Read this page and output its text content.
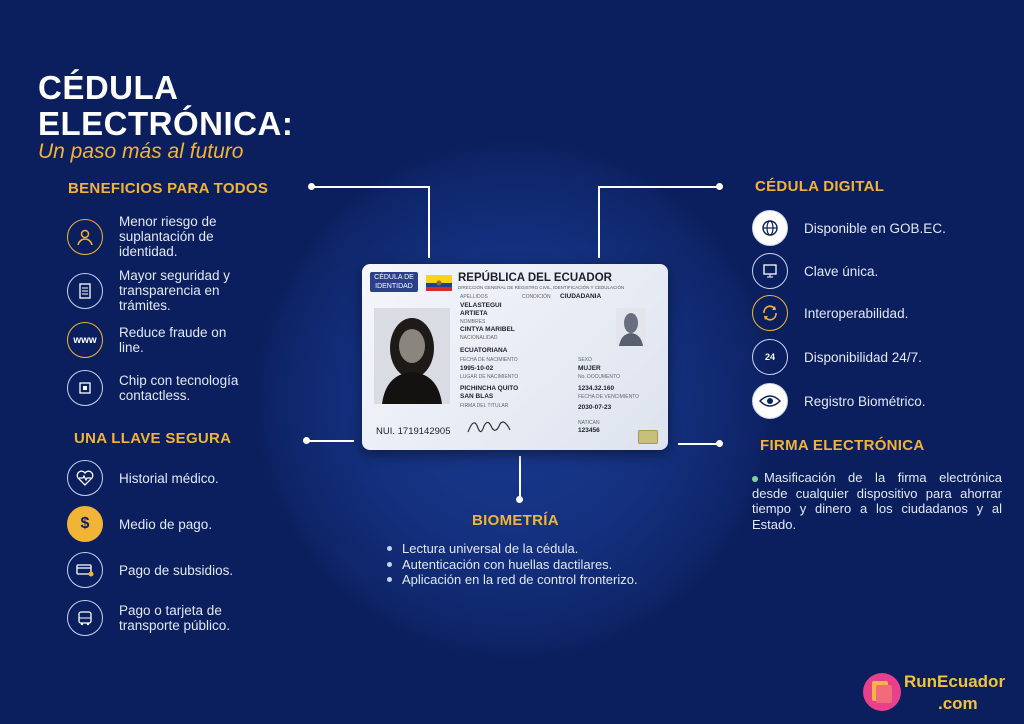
CÉDULA
ELECTRÓNICA:
Un paso más al futuro
BENEFICIOS PARA TODOS
Menor riesgo de suplantación de identidad.
Mayor seguridad y transparencia en trámites.
www	Reduce fraude on line.
Chip con tecnología contactless.
UNA LLAVE SEGURA
Historial médico.
$	Medio de pago.
Pago de subsidios.
Pago o tarjeta de transporte público.
CÉDULA DIGITAL
Disponible en GOB.EC.
Clave única.
Interoperabilidad.
24	Disponibilidad 24/7.
Registro Biométrico.
FIRMA ELECTRÓNICA
Masificación de la firma electrónica desde cualquier dispositivo para ahorrar tiempo y dinero a los ciudadanos y al Estado.
BIOMETRÍA
Lectura universal de la cédula.
Autenticación con huellas dactilares.
Aplicación en la red de control fronterizo.
CÉDULA DE IDENTIDAD
REPÚBLICA DEL ECUADOR
DIRECCIÓN GENERAL DE REGISTRO CIVIL, IDENTIFICACIÓN Y CEDULACIÓN
APELLIDOS	CONDICIÓN CIUDADANIA
VELASTEGUI
ARTIETA
NOMBRES
CINTYA MARIBEL
NACIONALIDAD
ECUATORIANA
FECHA DE NACIMIENTO
1995-10-02
LUGAR DE NACIMIENTO
PICHINCHA QUITO
SAN BLAS
FIRMA DEL TITULAR
SEXO
MUJER
No. DOCUMENTO
1234.32.160
FECHA DE VENCIMIENTO
2030-07-23
NATICAN
123456
NUI. 1719142905
RunEcuador
.com
